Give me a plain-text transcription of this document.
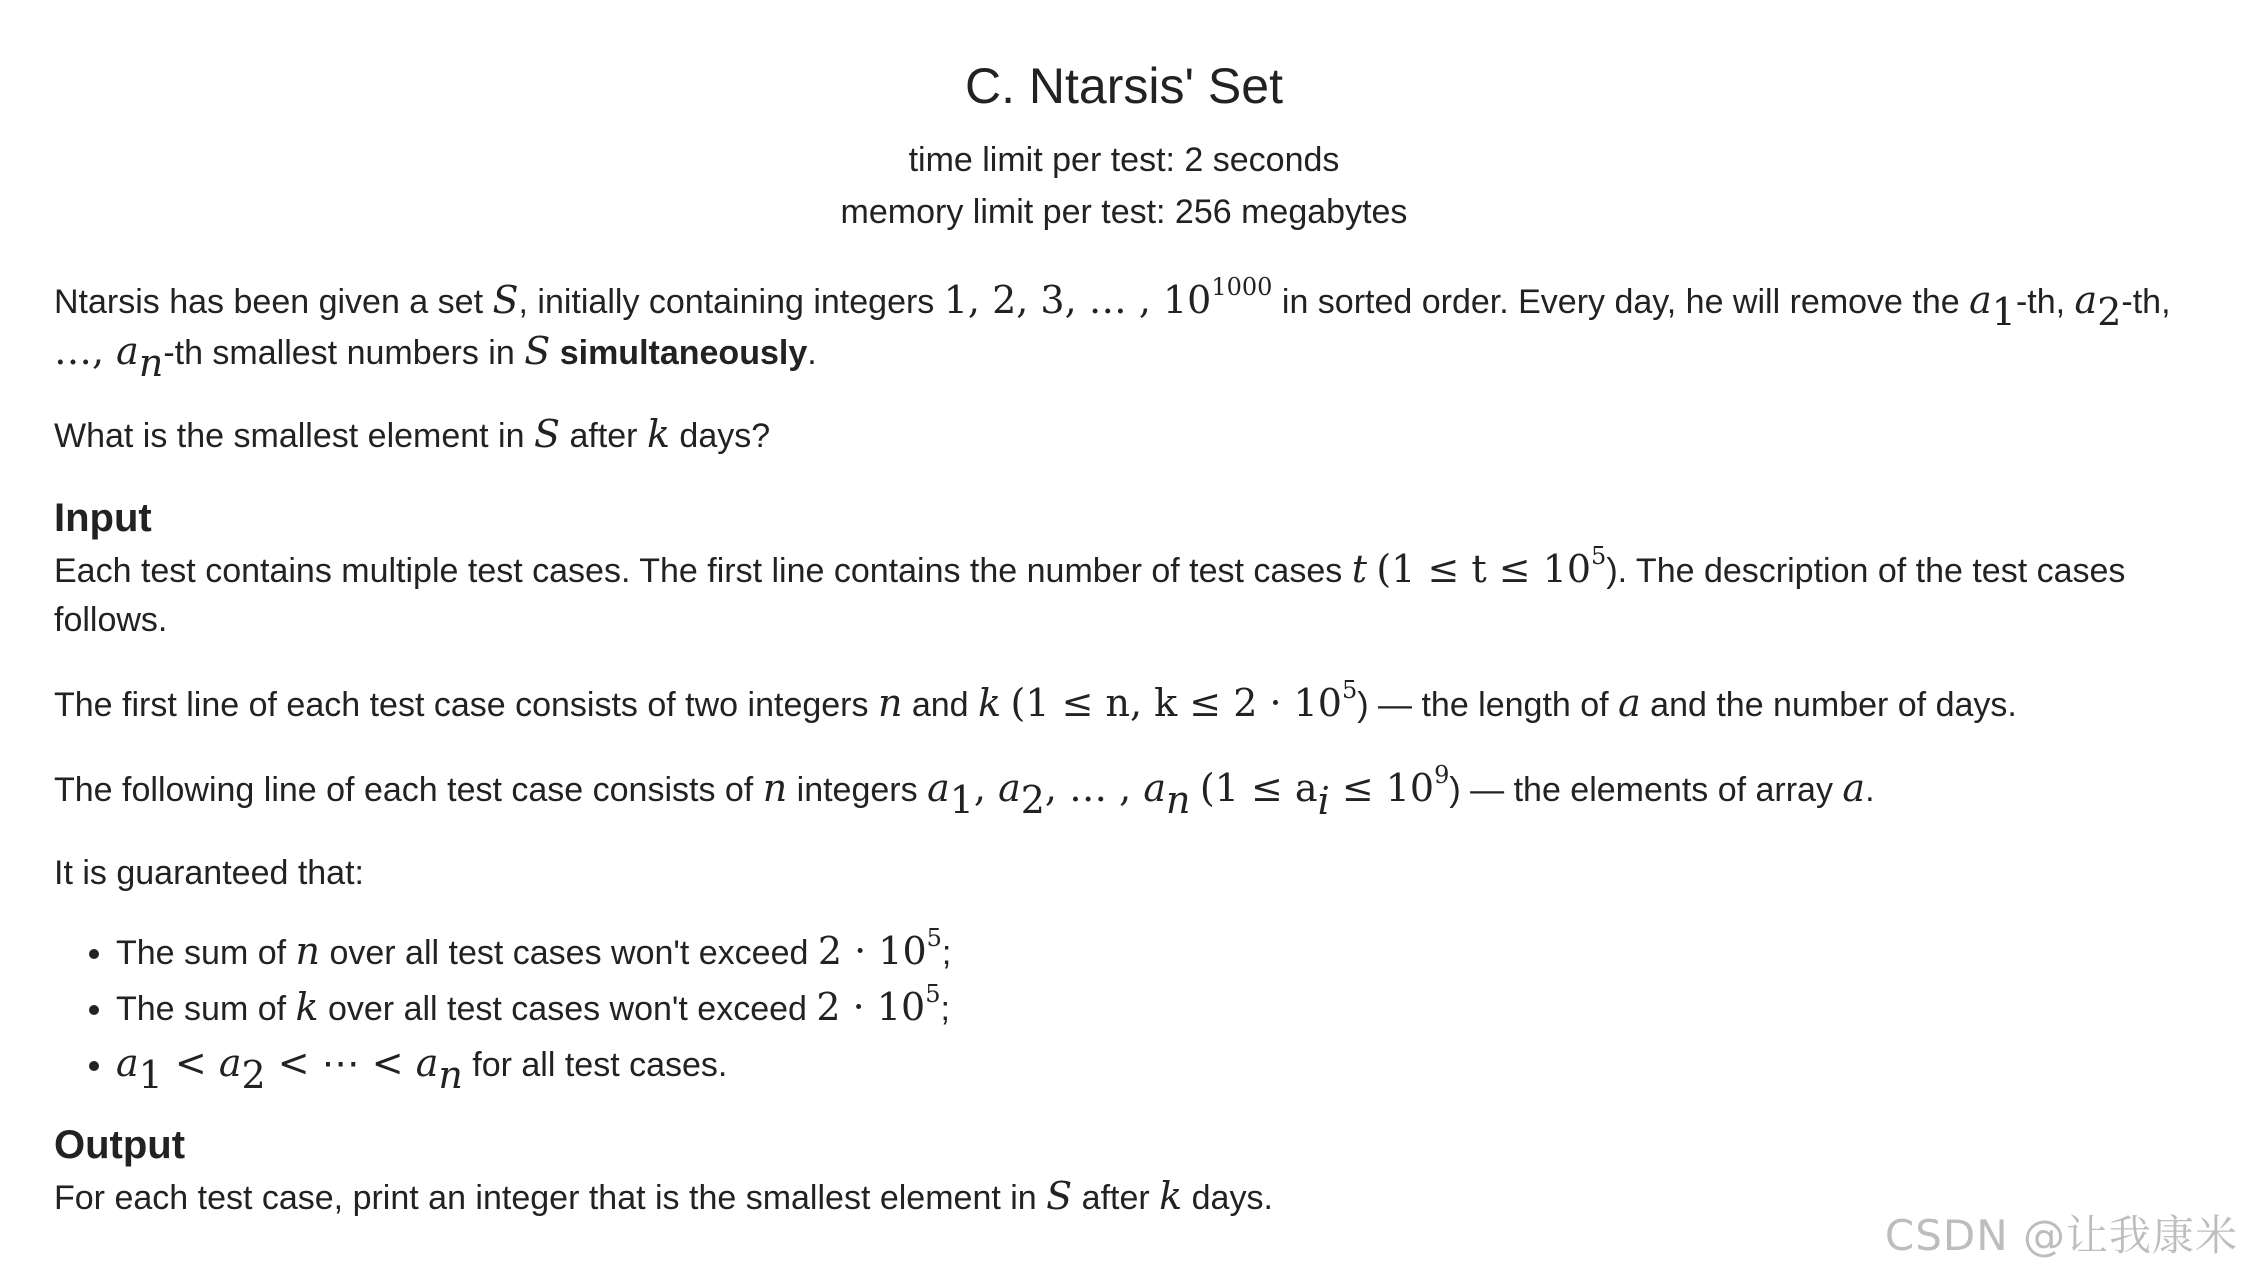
C. Ntarsis' Set
time limit per test: 2 seconds
memory limit per test: 256 megabytes

Ntarsis has been given a set S, initially containing integers 1, 2, 3, … , $10^{1000}$ in sorted order. Every day, he will remove the $a_1-th$, $a_2-th$,
…, $a_n-th$ smallest numbers in S simultaneously.

What is the smallest element in S after k days?

Input

Each test contains multiple test cases. The first line contains the number of test cases t $(1 \le t \le 10^5)$. The description of the test cases follows.

The first line of each test case consists of two integers n and k (1 ≤ n, $k \le 2 \cdot 10^5$) — the length of a and the number of days.

The following line of each test case consists of n integers $a_1$, $a_2$, … , $a_n$ $(1 \le a_i \le 10^9)$ — the elements of array a.

It is guaranteed that:

• The sum of n over all test cases won't exceed $2 \cdot 10^5$;
• The sum of k over all test cases won't exceed $2 \cdot 10^5$;
• $a_1 < a_2$ < ⋯ < $a_n$ for all test cases.
Output

For each test case, print an integer that is the smallest element in S after k days.

CSDN @让我康米
